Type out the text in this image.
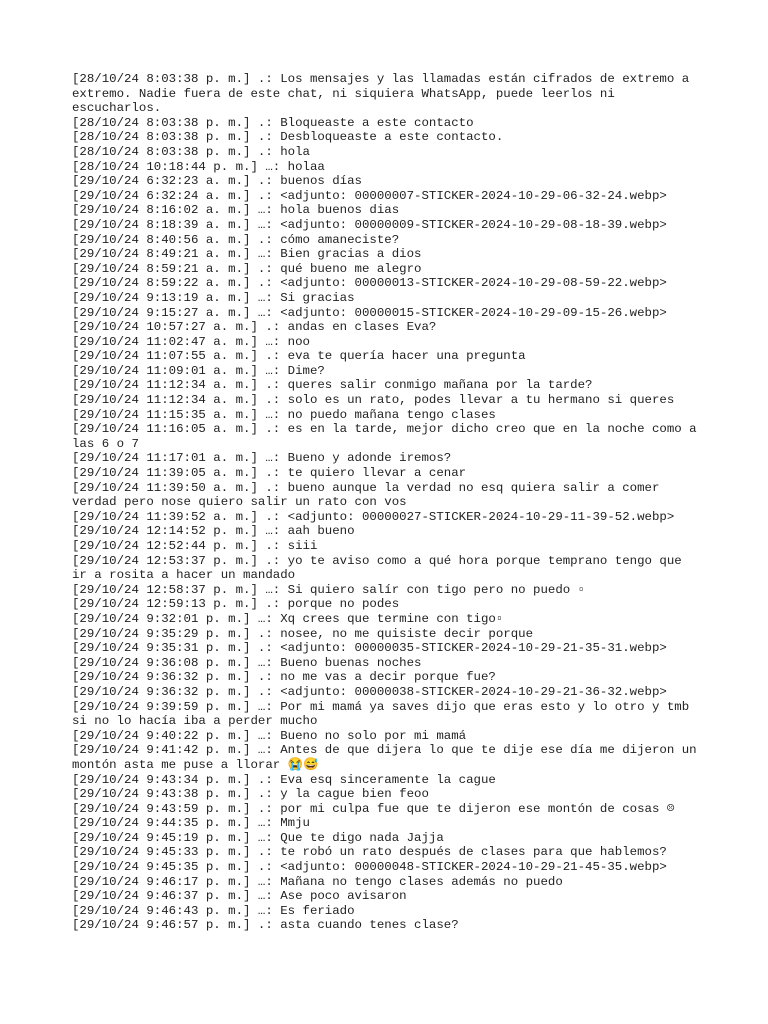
[28/10/24 8:03:38 p. m.] .: Los mensajes y las llamadas están cifrados de extremo a extremo. Nadie fuera de este chat, ni siquiera WhatsApp, puede leerlos ni escucharlos.
[28/10/24 8:03:38 p. m.] .: Bloqueaste a este contacto
[28/10/24 8:03:38 p. m.] .: Desbloqueaste a este contacto.
[28/10/24 8:03:38 p. m.] .: hola
[28/10/24 10:18:44 p. m.] …: holaa
[29/10/24 6:32:23 a. m.] .: buenos días
[29/10/24 6:32:24 a. m.] .: <adjunto: 00000007-STICKER-2024-10-29-06-32-24.webp>
[29/10/24 8:16:02 a. m.] …: hola buenos dias
[29/10/24 8:18:39 a. m.] …: <adjunto: 00000009-STICKER-2024-10-29-08-18-39.webp>
[29/10/24 8:40:56 a. m.] .: cómo amaneciste?
[29/10/24 8:49:21 a. m.] …: Bien gracias a dios
[29/10/24 8:59:21 a. m.] .: qué bueno me alegro
[29/10/24 8:59:22 a. m.] .: <adjunto: 00000013-STICKER-2024-10-29-08-59-22.webp>
[29/10/24 9:13:19 a. m.] …: Si gracias
[29/10/24 9:15:27 a. m.] …: <adjunto: 00000015-STICKER-2024-10-29-09-15-26.webp>
[29/10/24 10:57:27 a. m.] .: andas en clases Eva?
[29/10/24 11:02:47 a. m.] …: noo
[29/10/24 11:07:55 a. m.] .: eva te quería hacer una pregunta
[29/10/24 11:09:01 a. m.] …: Dime?
[29/10/24 11:12:34 a. m.] .: queres salir conmigo mañana por la tarde?
[29/10/24 11:12:34 a. m.] .: solo es un rato, podes llevar a tu hermano si queres
[29/10/24 11:15:35 a. m.] …: no puedo mañana tengo clases
[29/10/24 11:16:05 a. m.] .: es en la tarde, mejor dicho creo que en la noche como a las 6 o 7
[29/10/24 11:17:01 a. m.] …: Bueno y adonde iremos?
[29/10/24 11:39:05 a. m.] .: te quiero llevar a cenar
[29/10/24 11:39:50 a. m.] .: bueno aunque la verdad no esq quiera salir a comer verdad pero nose quiero salir un rato con vos
[29/10/24 11:39:52 a. m.] .: <adjunto: 00000027-STICKER-2024-10-29-11-39-52.webp>
[29/10/24 12:14:52 p. m.] …: aah bueno
[29/10/24 12:52:44 p. m.] .: siii
[29/10/24 12:53:37 p. m.] .: yo te aviso como a qué hora porque temprano tengo que ir a rosita a hacer un mandado
[29/10/24 12:58:37 p. m.] …: Si quiero salír con tigo pero no puedo ▫
[29/10/24 12:59:13 p. m.] .: porque no podes
[29/10/24 9:32:01 p. m.] …: Xq crees que termine con tigo▫
[29/10/24 9:35:29 p. m.] .: nosee, no me quisiste decir porque
[29/10/24 9:35:31 p. m.] .: <adjunto: 00000035-STICKER-2024-10-29-21-35-31.webp>
[29/10/24 9:36:08 p. m.] …: Bueno buenas noches
[29/10/24 9:36:32 p. m.] .: no me vas a decir porque fue?
[29/10/24 9:36:32 p. m.] .: <adjunto: 00000038-STICKER-2024-10-29-21-36-32.webp>
[29/10/24 9:39:59 p. m.] …: Por mi mamá ya saves dijo que eras esto y lo otro y tmb si no lo hacía iba a perder mucho
[29/10/24 9:40:22 p. m.] …: Bueno no solo por mi mamá
[29/10/24 9:41:42 p. m.] …: Antes de que dijera lo que te dije ese día me dijeron un montón asta me puse a llorar 😭😅
[29/10/24 9:43:34 p. m.] .: Eva esq sinceramente la cague
[29/10/24 9:43:38 p. m.] .: y la cague bien feoo
[29/10/24 9:43:59 p. m.] .: por mi culpa fue que te dijeron ese montón de cosas ☹
[29/10/24 9:44:35 p. m.] …: Mmju
[29/10/24 9:45:19 p. m.] …: Que te digo nada Jajja
[29/10/24 9:45:33 p. m.] .: te robó un rato después de clases para que hablemos?
[29/10/24 9:45:35 p. m.] .: <adjunto: 00000048-STICKER-2024-10-29-21-45-35.webp>
[29/10/24 9:46:17 p. m.] …: Mañana no tengo clases además no puedo
[29/10/24 9:46:37 p. m.] …: Ase poco avisaron
[29/10/24 9:46:43 p. m.] …: Es feriado
[29/10/24 9:46:57 p. m.] .: asta cuando tenes clase?
